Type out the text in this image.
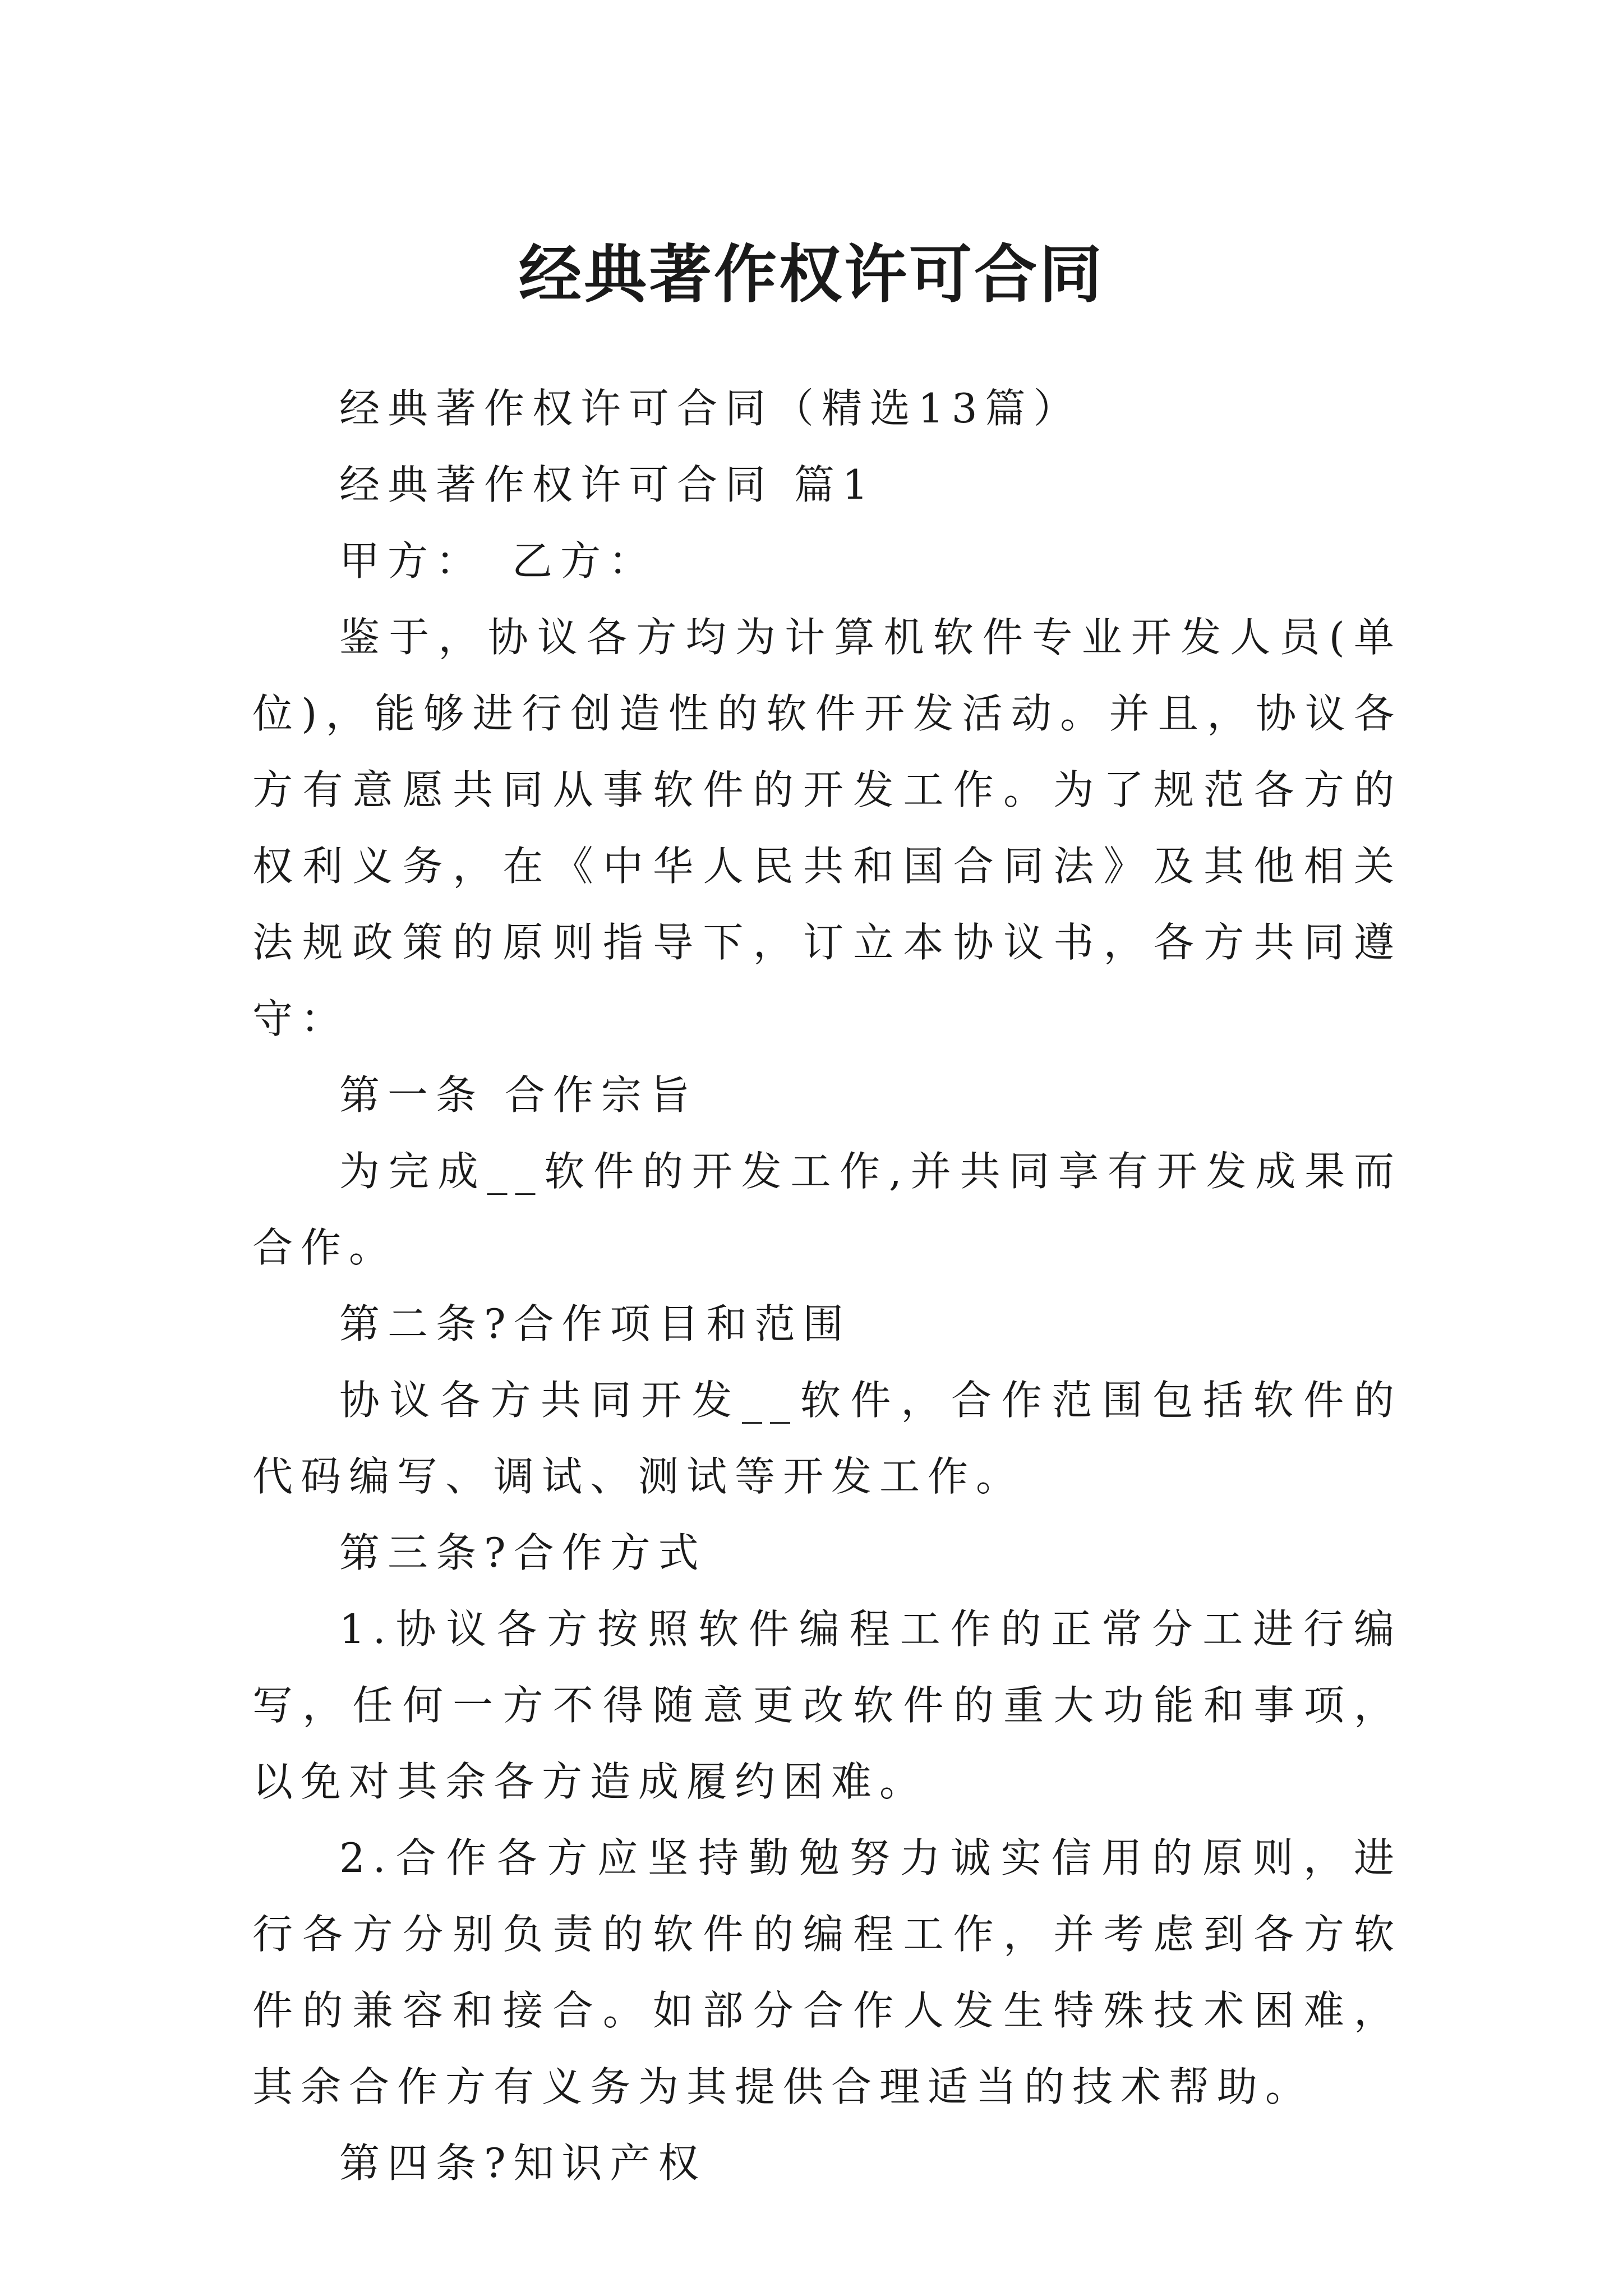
经典著作权许可合同

经典著作权许可合同（精选13篇）

经典著作权许可合同 篇1

甲方：　乙方：

鉴于，协议各方均为计算机软件专业开发人员(单位)，能够进行创造性的软件开发活动。并且，协议各方有意愿共同从事软件的开发工作。为了规范各方的权利义务，在《中华人民共和国合同法》及其他相关法规政策的原则指导下，订立本协议书，各方共同遵守：

第一条 合作宗旨

为完成__软件的开发工作,并共同享有开发成果而合作。

第二条?合作项目和范围

协议各方共同开发__软件，合作范围包括软件的代码编写、调试、测试等开发工作。

第三条?合作方式

1.协议各方按照软件编程工作的正常分工进行编写，任何一方不得随意更改软件的重大功能和事项，以免对其余各方造成履约困难。

2.合作各方应坚持勤勉努力诚实信用的原则，进行各方分别负责的软件的编程工作，并考虑到各方软件的兼容和接合。如部分合作人发生特殊技术困难，其余合作方有义务为其提供合理适当的技术帮助。

第四条?知识产权
